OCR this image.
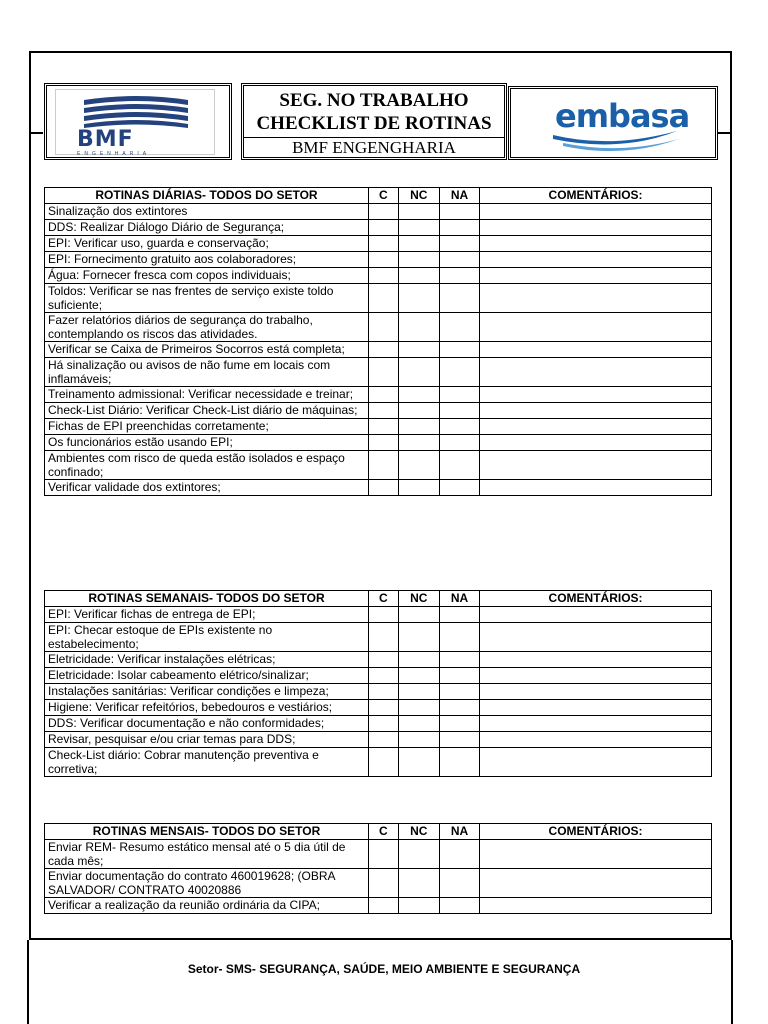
BMF
ENGENHARIA
SEG. NO TRABALHO
CHECKLIST DE ROTINAS
BMF ENGENGHARIA
embasa
ROTINAS DIÁRIAS- TODOS DO SETOR	C	NC	NA	COMENTÁRIOS:
Sinalização dos extintores				
DDS: Realizar Diálogo Diário de Segurança;				
EPI: Verificar uso, guarda e conservação;				
EPI: Fornecimento gratuito aos colaboradores;				
Água: Fornecer fresca com copos individuais;				
Toldos: Verificar se nas frentes de serviço existe toldo suficiente;				
Fazer relatórios diários de segurança do trabalho, contemplando os riscos das atividades.				
Verificar se Caixa de Primeiros Socorros está completa;				
Há sinalização ou avisos de não fume em locais com inflamáveis;				
Treinamento admissional: Verificar necessidade e treinar;				
Check-List Diário: Verificar Check-List diário de máquinas;				
Fichas de EPI preenchidas corretamente;				
Os funcionários estão usando EPI;				
Ambientes com risco de queda estão isolados e espaço confinado;				
Verificar validade dos extintores;				
ROTINAS SEMANAIS- TODOS DO SETOR	C	NC	NA	COMENTÁRIOS:
EPI: Verificar fichas de entrega de EPI;				
EPI: Checar estoque de EPIs existente no estabelecimento;				
Eletricidade: Verificar instalações elétricas;				
Eletricidade: Isolar cabeamento elétrico/sinalizar;				
Instalações sanitárias: Verificar condições e limpeza;				
Higiene: Verificar refeitórios, bebedouros e vestiários;				
DDS: Verificar documentação e não conformidades;				
Revisar, pesquisar e/ou criar temas para DDS;				
Check-List diário: Cobrar manutenção preventiva e corretiva;				
ROTINAS MENSAIS- TODOS DO SETOR	C	NC	NA	COMENTÁRIOS:
Enviar REM- Resumo estático mensal até o 5 dia útil de cada mês;				
Enviar documentação do contrato 460019628; (OBRA SALVADOR/ CONTRATO 40020886				
Verificar a realização da reunião ordinária da CIPA;				
Setor- SMS- SEGURANÇA, SAÚDE, MEIO AMBIENTE E SEGURANÇA
